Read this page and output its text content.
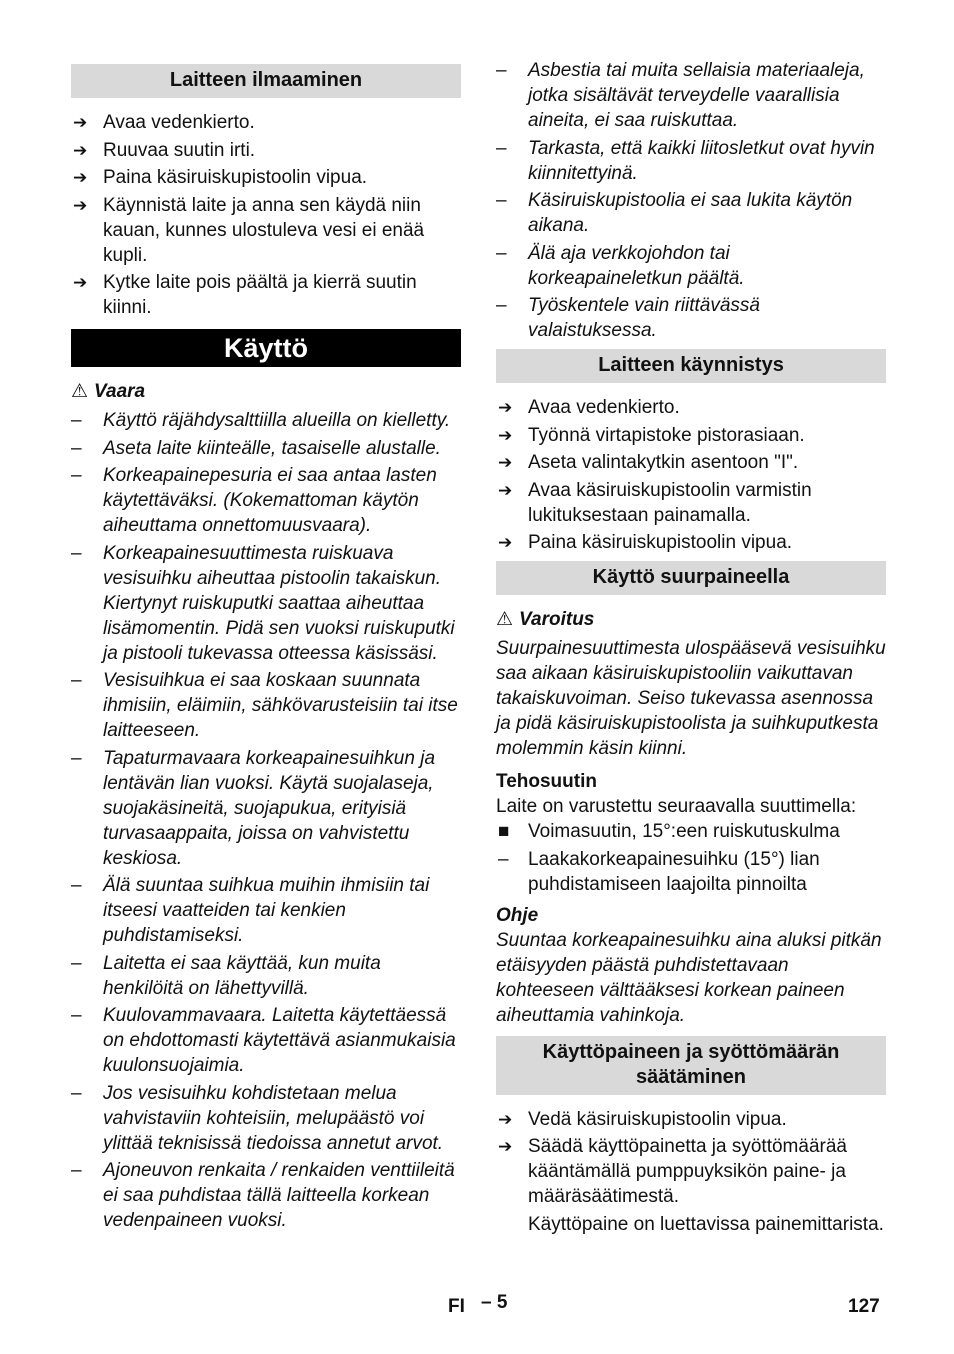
Laitteen ilmaaminen
➔ Avaa vedenkierto.
➔ Ruuvaa suutin irti.
➔ Paina käsiruiskupistoolin vipua.
➔ Käynnistä laite ja anna sen käydä niin kauan, kunnes ulostuleva vesi ei enää kupli.
➔ Kytke laite pois päältä ja kierrä suutin kiinni.
Käyttö

⚠ Vaara

–	Käyttö räjähdysalttiilla alueilla on kielletty.
–	Aseta laite kiinteälle, tasaiselle alustalle.
–	Korkeapainepesuria ei saa antaa lasten käytettäväksi. (Kokemattoman käytön aiheuttama onnettomuusvaara).
–	Korkeapainesuuttimesta ruiskuava vesisuihku aiheuttaa pistoolin takaiskun. Kiertynyt ruiskuputki saattaa aiheuttaa lisämomentin. Pidä sen vuoksi ruiskuputki ja pistooli tukevassa otteessa käsissäsi.
–	Vesisuihkua ei saa koskaan suunnata ihmisiin, eläimiin, sähkövarusteisiin tai itse laitteeseen.
–	Tapaturmavaara korkeapainesuihkun ja lentävän lian vuoksi. Käytä suojalaseja, suojakäsineitä, suojapukua, erityisiä turvasaappaita, joissa on vahvistettu keskiosa.
–	Älä suuntaa suihkua muihin ihmisiin tai itseesi vaatteiden tai kenkien puhdistamiseksi.
–	Laitetta ei saa käyttää, kun muita henkilöitä on lähettyvillä.
–	Kuulovammavaara. Laitetta käytettäessä on ehdottomasti käytettävä asianmukaisia kuulonsuojaimia.
–	Jos vesisuihku kohdistetaan melua vahvistaviin kohteisiin, melupäästö voi ylittää teknisissä tiedoissa annetut arvot.
–	Ajoneuvon renkaita / renkaiden venttiileitä ei saa puhdistaa tällä laitteella korkean vedenpaineen vuoksi.
–	Asbestia tai muita sellaisia materiaaleja, jotka sisältävät terveydelle vaarallisia aineita, ei saa ruiskuttaa.
–	Tarkasta, että kaikki liitosletkut ovat hyvin kiinnitettyinä.
–	Käsiruiskupistoolia ei saa lukita käytön aikana.
–	Älä aja verkkojohdon tai korkeapaineletkun päältä.
–	Työskentele vain riittävässä valaistuksessa.
Laitteen käynnistys
➔ Avaa vedenkierto.
➔ Työnnä virtapistoke pistorasiaan.
➔ Aseta valintakytkin asentoon "I".
➔ Avaa käsiruiskupistoolin varmistin lukituksestaan painamalla.
➔ Paina käsiruiskupistoolin vipua.
Käyttö suurpaineella

⚠ Varoitus

Suurpainesuuttimesta ulospääsevä vesisuihku saa aikaan käsiruiskupistooliin vaikuttavan takaiskuvoiman. Seiso tukevassa asennossa ja pidä käsiruiskupistoolista ja suihkuputkesta molemmin käsin kiinni.

Tehosuutin

Laite on varustettu seuraavalla suuttimella:

■ Voimasuutin, 15°:een ruiskutuskulma
–	Laakakorkeapainesuihku (15°) lian puhdistamiseen laajoilta pinnoilta

Ohje

Suuntaa korkeapainesuihku aina aluksi pitkän etäisyyden päästä puhdistettavaan kohteeseen välttääksesi korkean paineen aiheuttamia vahinkoja.

Käyttöpaineen ja syöttömäärän säätäminen
➔ Vedä käsiruiskupistoolin vipua.
➔ Säädä käyttöpainetta ja syöttömäärää kääntämällä pumppuyksikön paine- ja määräsäätimestä.

Käyttöpaine on luettavissa painemittarista.

FI – 5	127
